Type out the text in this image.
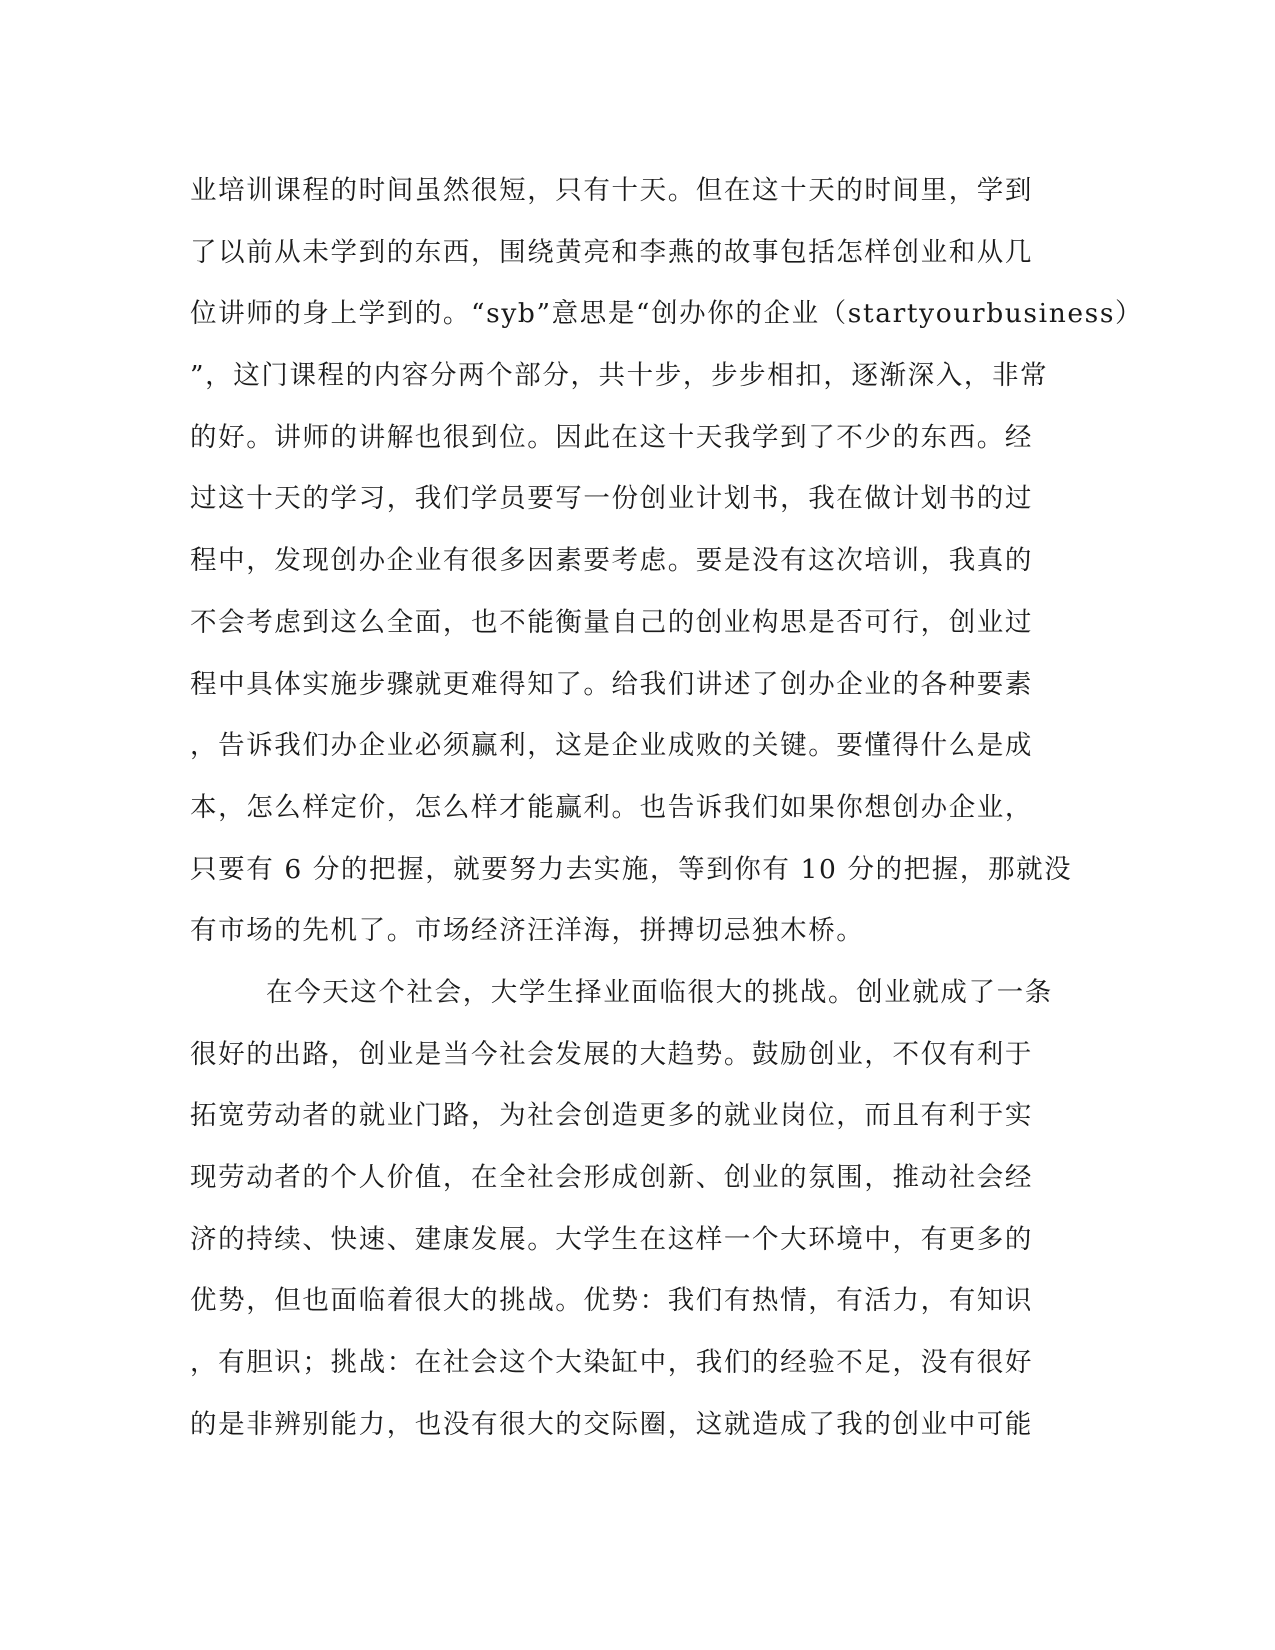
业培训课程的时间虽然很短，只有十天。但在这十天的时间里，学到
了以前从未学到的东西，围绕黄亮和李燕的故事包括怎样创业和从几
位讲师的身上学到的。“syb”意思是“创办你的企业（startyourbusiness）
”，这门课程的内容分两个部分，共十步，步步相扣，逐渐深入，非常
的好。讲师的讲解也很到位。因此在这十天我学到了不少的东西。经
过这十天的学习，我们学员要写一份创业计划书，我在做计划书的过
程中，发现创办企业有很多因素要考虑。要是没有这次培训，我真的
不会考虑到这么全面，也不能衡量自己的创业构思是否可行，创业过
程中具体实施步骤就更难得知了。给我们讲述了创办企业的各种要素
，告诉我们办企业必须赢利，这是企业成败的关键。要懂得什么是成
本，怎么样定价，怎么样才能赢利。也告诉我们如果你想创办企业，
只要有 6 分的把握，就要努力去实施，等到你有 10 分的把握，那就没
有市场的先机了。市场经济汪洋海，拼搏切忌独木桥。
在今天这个社会，大学生择业面临很大的挑战。创业就成了一条
很好的出路，创业是当今社会发展的大趋势。鼓励创业，不仅有利于
拓宽劳动者的就业门路，为社会创造更多的就业岗位，而且有利于实
现劳动者的个人价值，在全社会形成创新、创业的氛围，推动社会经
济的持续、快速、建康发展。大学生在这样一个大环境中，有更多的
优势，但也面临着很大的挑战。优势：我们有热情，有活力，有知识
，有胆识；挑战：在社会这个大染缸中，我们的经验不足，没有很好
的是非辨别能力，也没有很大的交际圈，这就造成了我的创业中可能
